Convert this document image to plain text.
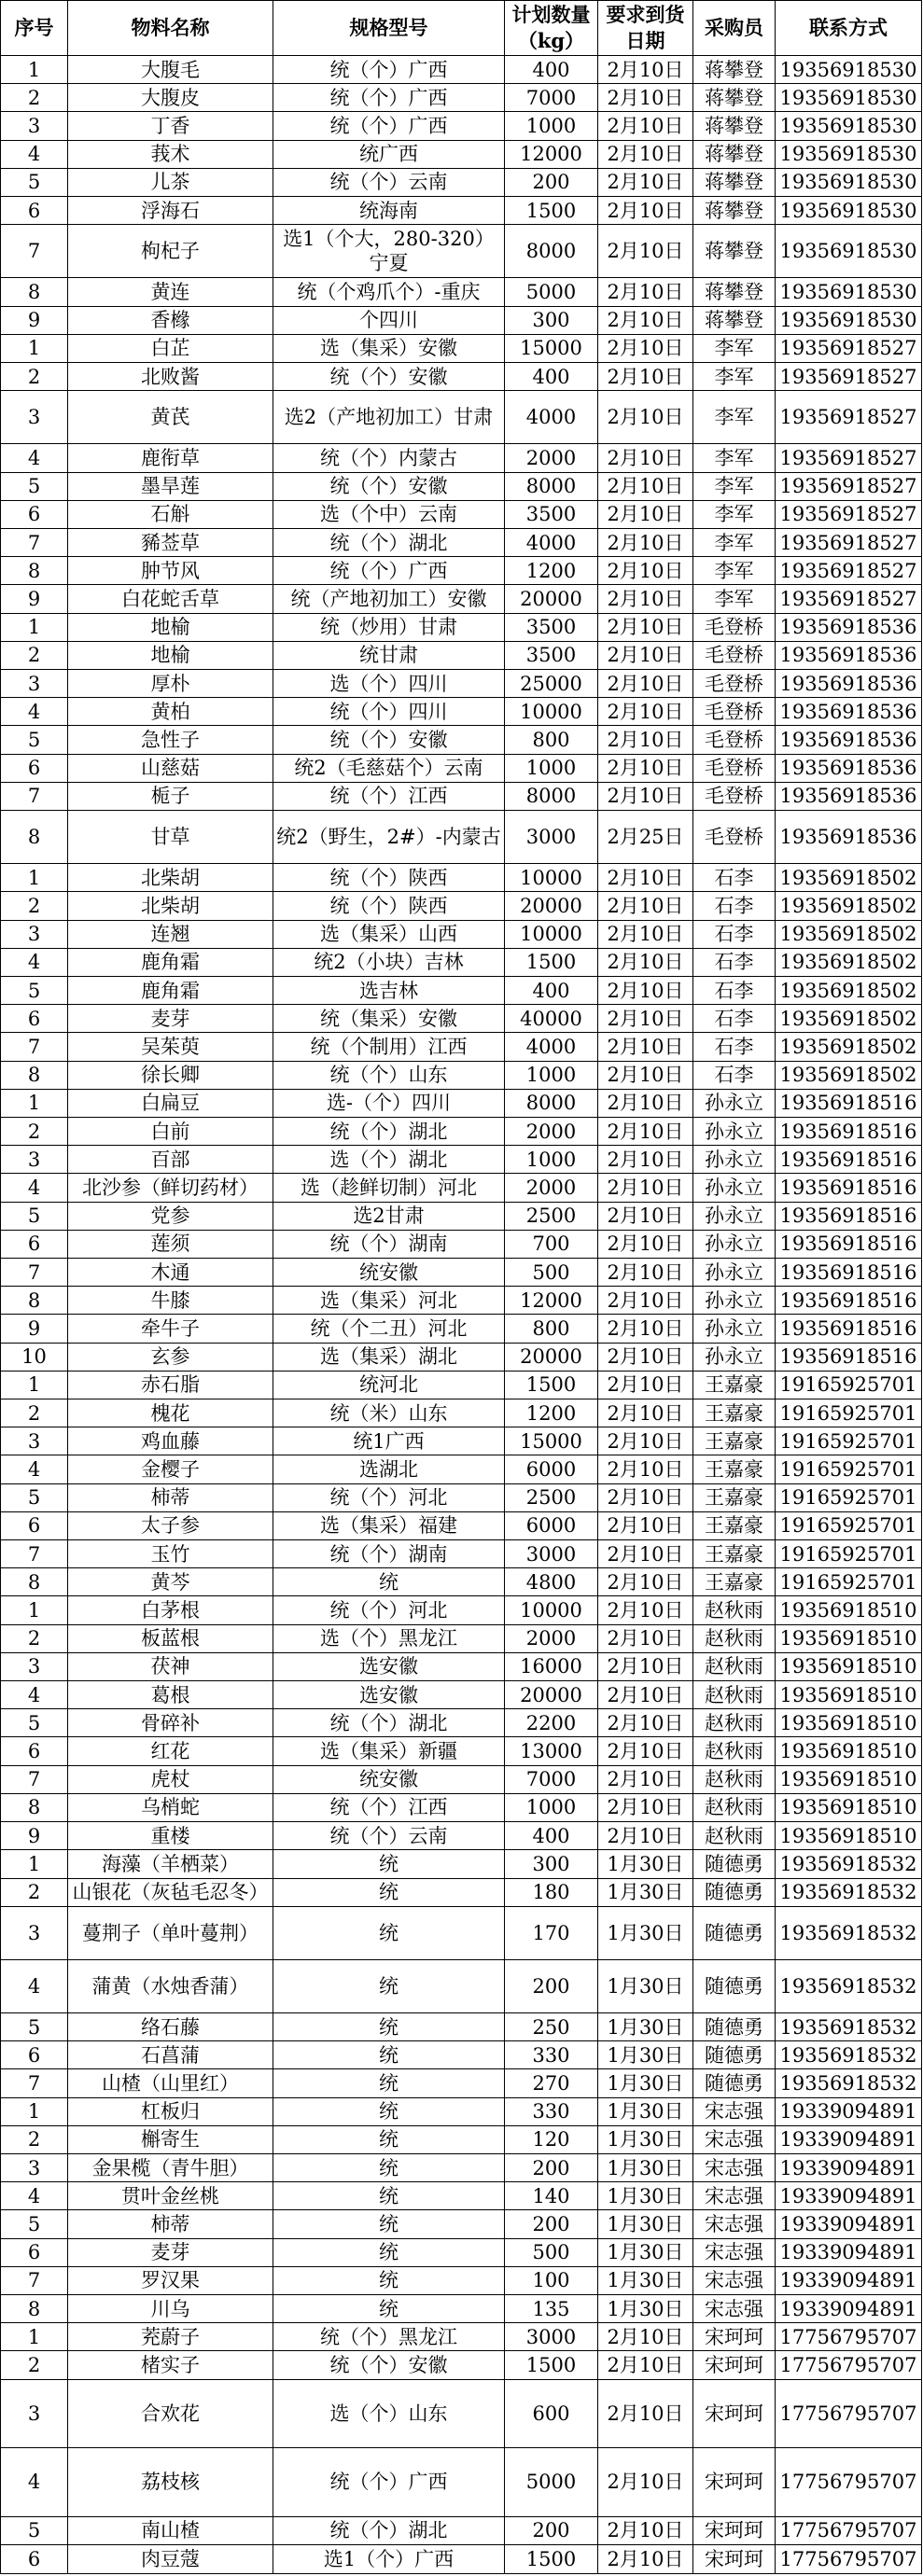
序号	物料名称	规格型号	计划数量（kg）	要求到货日期	采购员	联系方式
1	大腹毛	统（个）广西	400	2月10日	蒋攀登	19356918530
2	大腹皮	统（个）广西	7000	2月10日	蒋攀登	19356918530
3	丁香	统（个）广西	1000	2月10日	蒋攀登	19356918530
4	莪术	统广西	12000	2月10日	蒋攀登	19356918530
5	儿茶	统（个）云南	200	2月10日	蒋攀登	19356918530
6	浮海石	统海南	1500	2月10日	蒋攀登	19356918530
7	枸杞子	选1（个大，280-320）宁夏	8000	2月10日	蒋攀登	19356918530
8	黄连	统（个鸡爪个）-重庆	5000	2月10日	蒋攀登	19356918530
9	香橼	个四川	300	2月10日	蒋攀登	19356918530
1	白芷	选（集采）安徽	15000	2月10日	李军	19356918527
2	北败酱	统（个）安徽	400	2月10日	李军	19356918527
3	黄芪	选2（产地初加工）甘肃	4000	2月10日	李军	19356918527
4	鹿衔草	统（个）内蒙古	2000	2月10日	李军	19356918527
5	墨旱莲	统（个）安徽	8000	2月10日	李军	19356918527
6	石斛	选（个中）云南	3500	2月10日	李军	19356918527
7	豨莶草	统（个）湖北	4000	2月10日	李军	19356918527
8	肿节风	统（个）广西	1200	2月10日	李军	19356918527
9	白花蛇舌草	统（产地初加工）安徽	20000	2月10日	李军	19356918527
1	地榆	统（炒用）甘肃	3500	2月10日	毛登桥	19356918536
2	地榆	统甘肃	3500	2月10日	毛登桥	19356918536
3	厚朴	选（个）四川	25000	2月10日	毛登桥	19356918536
4	黄柏	统（个）四川	10000	2月10日	毛登桥	19356918536
5	急性子	统（个）安徽	800	2月10日	毛登桥	19356918536
6	山慈菇	统2（毛慈菇个）云南	1000	2月10日	毛登桥	19356918536
7	栀子	统（个）江西	8000	2月10日	毛登桥	19356918536
8	甘草	统2（野生，2#）-内蒙古	3000	2月25日	毛登桥	19356918536
1	北柴胡	统（个）陕西	10000	2月10日	石李	19356918502
2	北柴胡	统（个）陕西	20000	2月10日	石李	19356918502
3	连翘	选（集采）山西	10000	2月10日	石李	19356918502
4	鹿角霜	统2（小块）吉林	1500	2月10日	石李	19356918502
5	鹿角霜	选吉林	400	2月10日	石李	19356918502
6	麦芽	统（集采）安徽	40000	2月10日	石李	19356918502
7	吴茱萸	统（个制用）江西	4000	2月10日	石李	19356918502
8	徐长卿	统（个）山东	1000	2月10日	石李	19356918502
1	白扁豆	选-（个）四川	8000	2月10日	孙永立	19356918516
2	白前	统（个）湖北	2000	2月10日	孙永立	19356918516
3	百部	选（个）湖北	1000	2月10日	孙永立	19356918516
4	北沙参（鲜切药材）	选（趁鲜切制）河北	2000	2月10日	孙永立	19356918516
5	党参	选2甘肃	2500	2月10日	孙永立	19356918516
6	莲须	统（个）湖南	700	2月10日	孙永立	19356918516
7	木通	统安徽	500	2月10日	孙永立	19356918516
8	牛膝	选（集采）河北	12000	2月10日	孙永立	19356918516
9	牵牛子	统（个二丑）河北	800	2月10日	孙永立	19356918516
10	玄参	选（集采）湖北	20000	2月10日	孙永立	19356918516
1	赤石脂	统河北	1500	2月10日	王嘉豪	19165925701
2	槐花	统（米）山东	1200	2月10日	王嘉豪	19165925701
3	鸡血藤	统1广西	15000	2月10日	王嘉豪	19165925701
4	金樱子	选湖北	6000	2月10日	王嘉豪	19165925701
5	柿蒂	统（个）河北	2500	2月10日	王嘉豪	19165925701
6	太子参	选（集采）福建	6000	2月10日	王嘉豪	19165925701
7	玉竹	统（个）湖南	3000	2月10日	王嘉豪	19165925701
8	黄芩	统	4800	2月10日	王嘉豪	19165925701
1	白茅根	统（个）河北	10000	2月10日	赵秋雨	19356918510
2	板蓝根	选（个）黑龙江	2000	2月10日	赵秋雨	19356918510
3	茯神	选安徽	16000	2月10日	赵秋雨	19356918510
4	葛根	选安徽	20000	2月10日	赵秋雨	19356918510
5	骨碎补	统（个）湖北	2200	2月10日	赵秋雨	19356918510
6	红花	选（集采）新疆	13000	2月10日	赵秋雨	19356918510
7	虎杖	统安徽	7000	2月10日	赵秋雨	19356918510
8	乌梢蛇	统（个）江西	1000	2月10日	赵秋雨	19356918510
9	重楼	统（个）云南	400	2月10日	赵秋雨	19356918510
1	海藻（羊栖菜）	统	300	1月30日	随德勇	19356918532
2	山银花（灰毡毛忍冬）	统	180	1月30日	随德勇	19356918532
3	蔓荆子（单叶蔓荆）	统	170	1月30日	随德勇	19356918532
4	蒲黄（水烛香蒲）	统	200	1月30日	随德勇	19356918532
5	络石藤	统	250	1月30日	随德勇	19356918532
6	石菖蒲	统	330	1月30日	随德勇	19356918532
7	山楂（山里红）	统	270	1月30日	随德勇	19356918532
1	杠板归	统	330	1月30日	宋志强	19339094891
2	槲寄生	统	120	1月30日	宋志强	19339094891
3	金果榄（青牛胆）	统	200	1月30日	宋志强	19339094891
4	贯叶金丝桃	统	140	1月30日	宋志强	19339094891
5	柿蒂	统	200	1月30日	宋志强	19339094891
6	麦芽	统	500	1月30日	宋志强	19339094891
7	罗汉果	统	100	1月30日	宋志强	19339094891
8	川乌	统	135	1月30日	宋志强	19339094891
1	茺蔚子	统（个）黑龙江	3000	2月10日	宋珂珂	17756795707
2	楮实子	统（个）安徽	1500	2月10日	宋珂珂	17756795707
3	合欢花	选（个）山东	600	2月10日	宋珂珂	17756795707
4	荔枝核	统（个）广西	5000	2月10日	宋珂珂	17756795707
5	南山楂	统（个）湖北	200	2月10日	宋珂珂	17756795707
6	肉豆蔻	选1（个）广西	1500	2月10日	宋珂珂	17756795707
